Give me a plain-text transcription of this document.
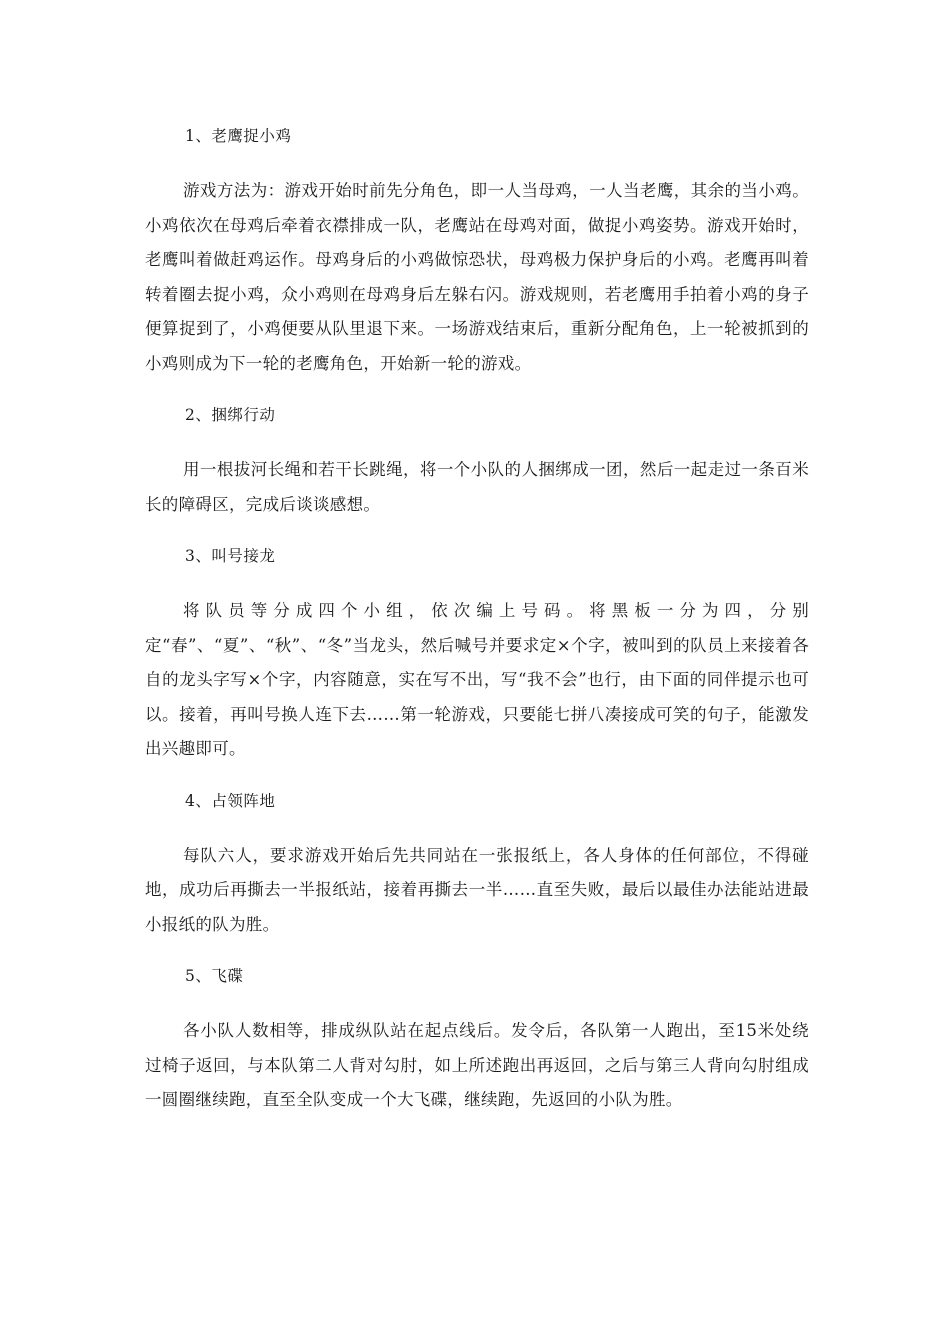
1、老鹰捉小鸡

游戏方法为：游戏开始时前先分角色，即一人当母鸡，一人当老鹰，其余的当小鸡。小鸡依次在母鸡后牵着衣襟排成一队，老鹰站在母鸡对面，做捉小鸡姿势。游戏开始时，老鹰叫着做赶鸡运作。母鸡身后的小鸡做惊恐状，母鸡极力保护身后的小鸡。老鹰再叫着转着圈去捉小鸡，众小鸡则在母鸡身后左躲右闪。游戏规则，若老鹰用手拍着小鸡的身子便算捉到了，小鸡便要从队里退下来。一场游戏结束后，重新分配角色，上一轮被抓到的小鸡则成为下一轮的老鹰角色，开始新一轮的游戏。

2、捆绑行动

用一根拔河长绳和若干长跳绳，将一个小队的人捆绑成一团，然后一起走过一条百米长的障碍区，完成后谈谈感想。

3、叫号接龙

将队员等分成四个小组，依次编上号码。将黑板一分为四，分别定“春”、“夏”、“秋”、“冬”当龙头，然后喊号并要求定×个字，被叫到的队员上来接着各自的龙头字写×个字，内容随意，实在写不出，写“我不会”也行，由下面的同伴提示也可以。接着，再叫号换人连下去……第一轮游戏，只要能七拼八凑接成可笑的句子，能激发出兴趣即可。

4、占领阵地

每队六人，要求游戏开始后先共同站在一张报纸上，各人身体的任何部位，不得碰地，成功后再撕去一半报纸站，接着再撕去一半……直至失败，最后以最佳办法能站进最小报纸的队为胜。

5、飞碟

各小队人数相等，排成纵队站在起点线后。发令后，各队第一人跑出，至15米处绕过椅子返回，与本队第二人背对勾肘，如上所述跑出再返回，之后与第三人背向勾肘组成一圆圈继续跑，直至全队变成一个大飞碟，继续跑，先返回的小队为胜。
